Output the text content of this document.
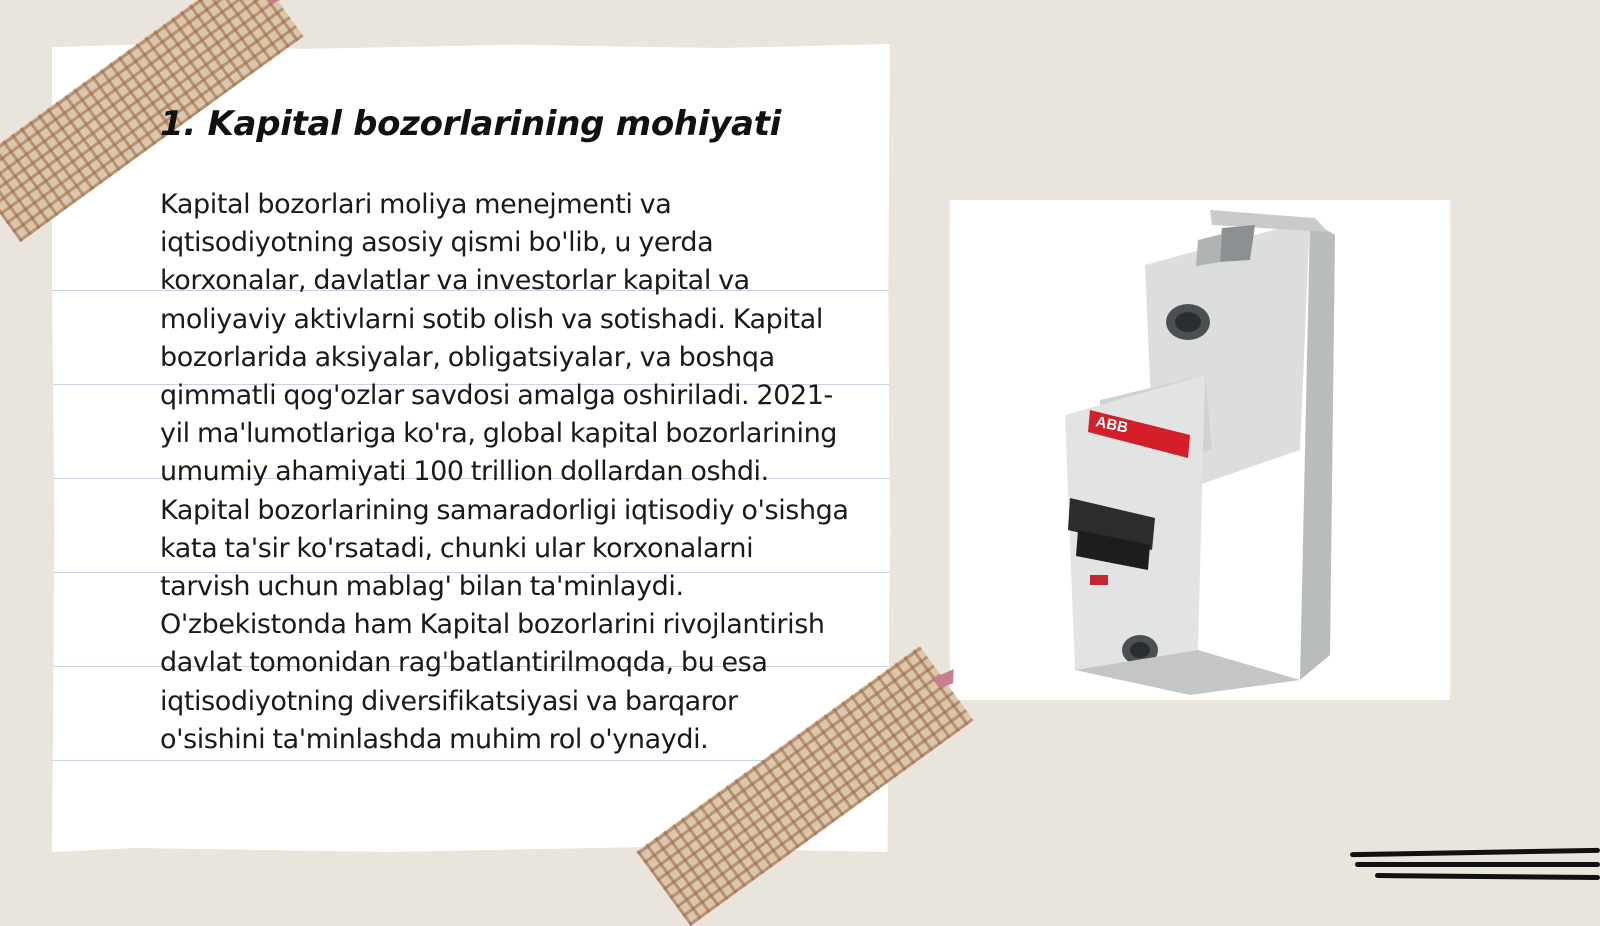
1. Kapital bozorlarining mohiyati

Kapital bozorlari moliya menejmenti va iqtisodiyotning asosiy qismi bo'lib, u yerda korxonalar, davlatlar va investorlar kapital va moliyaviy aktivlarni sotib olish va sotishadi. Kapital bozorlarida aksiyalar, obligatsiyalar, va boshqa qimmatli qog'ozlar savdosi amalga oshiriladi. 2021-yil ma'lumotlariga ko'ra, global kapital bozorlarining umumiy ahamiyati 100 trillion dollardan oshdi. Kapital bozorlarining samaradorligi iqtisodiy o'sishga kata ta'sir ko'rsatadi, chunki ular korxonalarni tarvish uchun mablag' bilan ta'minlaydi. O'zbekistonda ham Kapital bozorlarini rivojlantirish davlat tomonidan rag'batlantirilmoqda, bu esa iqtisodiyotning diversifikatsiyasi va barqaror o'sishini ta'minlashda muhim rol o'ynaydi.

ABB
